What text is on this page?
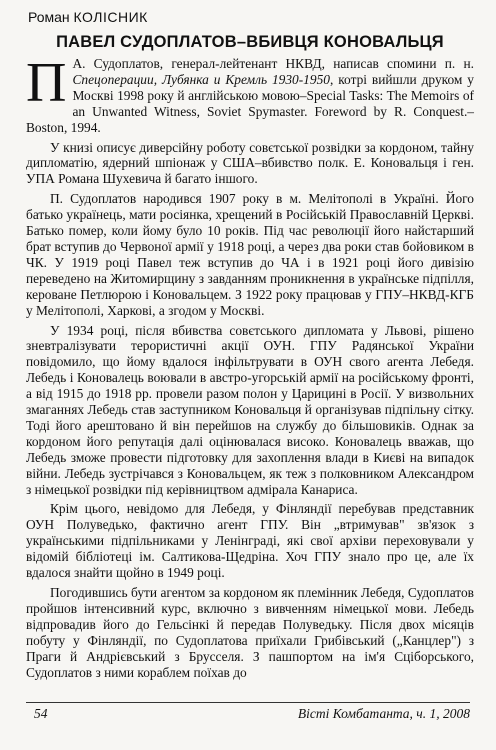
Роман КОЛІСНИК
ПАВЕЛ СУДОПЛАТОВ–ВБИВЦЯ КОНОВАЛЬЦЯ

П А. Судоплатов, генерал-лейтенант НКВД, написав спомини п. н. Спецоперации, Лубянка и Кремль 1930-1950, котрі вийшли друком у Москві 1998 року й англійською мовою–Special Tasks: The Memoirs of an Unwanted Witness, Soviet Spymaster. Foreword by R. Conquest.–Boston, 1994.

У книзі описує диверсійну роботу совєтської розвідки за кордоном, тайну дипломатію, ядерний шпіонаж у США–вбивство полк. Е. Коновальця і ген. УПА Романа Шухевича й багато іншого.

П. Судоплатов народився 1907 року в м. Мелітополі в Україні. Його батько українець, мати росіянка, хрещений в Російській Православній Церкві. Батько помер, коли йому було 10 років. Під час революції його найстарший брат вступив до Червоної армії у 1918 році, а через два роки став бойовиком в ЧК. У 1919 році Павел теж вступив до ЧА і в 1921 році його дивізію переведено на Житомирщину з завданням проникнення в українське підпілля, кероване Петлюрою і Коновальцем. З 1922 року працював у ГПУ–НКВД-КГБ у Мелітополі, Харкові, а згодом у Москві.

У 1934 році, після вбивства совєтського дипломата у Львові, рішено зневтралізувати терористичні акції ОУН. ГПУ Радянської України повідомило, що йому вдалося інфільтрувати в ОУН свого агента Лебедя. Лебедь і Коновалець воювали в австро-угорській армії на російському фронті, а від 1915 до 1918 рр. провели разом полон у Царицині в Росії. У визвольних змаганнях Лебедь став заступником Коновальця й організував підпільну сітку. Тоді його арештовано й він перейшов на службу до більшовиків. Однак за кордоном його репутація далі оцінювалася високо. Коновалець вважав, що Лебедь зможе провести підготовку для захоплення влади в Києві на випадок війни. Лебедь зустрічався з Коновальцем, як теж з полковником Александром з німецької розвідки під керівництвом адмірала Канариса.

Крім цього, невідомо для Лебедя, у Фінляндії перебував представник ОУН Полуведько, фактично агент ГПУ. Він „втримував" зв'язок з українськими підпільниками у Ленінграді, які свої архіви переховували у відомій бібліотеці ім. Салтикова-Щедріна. Хоч ГПУ знало про це, але їх вдалося знайти щойно в 1949 році.

Погодившись бути агентом за кордоном як племінник Лебедя, Судоплатов пройшов інтенсивний курс, включно з вивченням німецької мови. Лебедь відпровадив його до Гельсінкі й передав Полуведьку. Після двох місяців побуту у Фінляндії, по Судоплатова приїхали Грибівський („Канцлер") з Праги й Андрієвський з Брусселя. З пашпортом на ім'я Сціборського, Судоплатов з ними кораблем поїхав до

54	Вісті Комбатанта, ч. 1, 2008
